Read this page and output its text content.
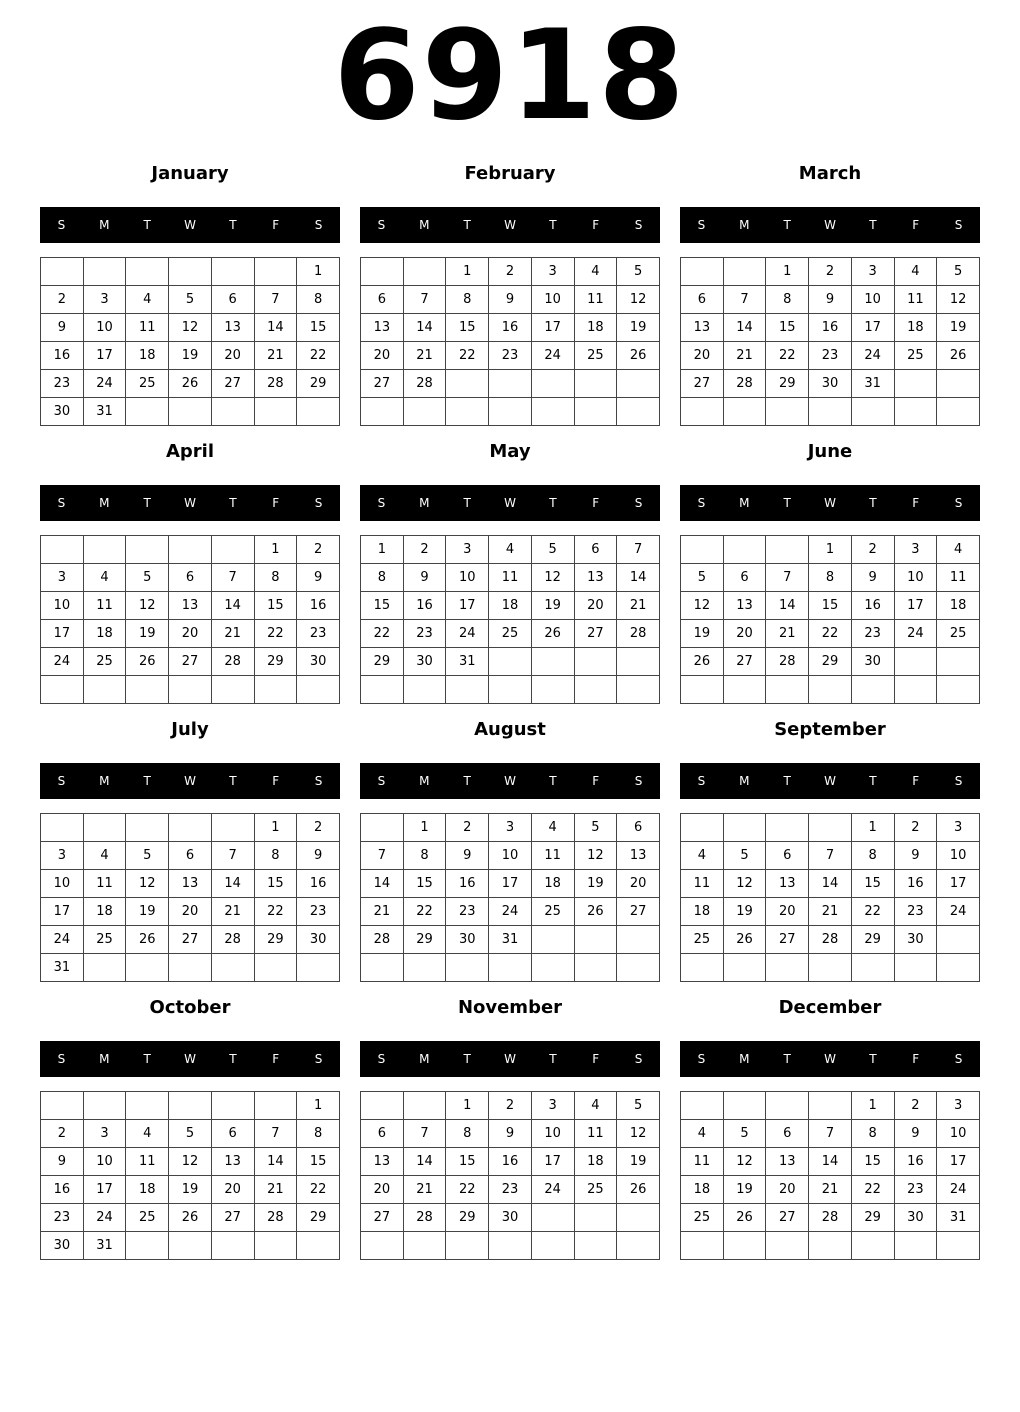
6918
January
S	M	T	W	T	F	S
						1
2	3	4	5	6	7	8
9	10	11	12	13	14	15
16	17	18	19	20	21	22
23	24	25	26	27	28	29
30	31					
February
S	M	T	W	T	F	S
		1	2	3	4	5
6	7	8	9	10	11	12
13	14	15	16	17	18	19
20	21	22	23	24	25	26
27	28					

March
S	M	T	W	T	F	S
		1	2	3	4	5
6	7	8	9	10	11	12
13	14	15	16	17	18	19
20	21	22	23	24	25	26
27	28	29	30	31		

April
S	M	T	W	T	F	S
					1	2
3	4	5	6	7	8	9
10	11	12	13	14	15	16
17	18	19	20	21	22	23
24	25	26	27	28	29	30

May
S	M	T	W	T	F	S
1	2	3	4	5	6	7
8	9	10	11	12	13	14
15	16	17	18	19	20	21
22	23	24	25	26	27	28
29	30	31				

June
S	M	T	W	T	F	S
			1	2	3	4
5	6	7	8	9	10	11
12	13	14	15	16	17	18
19	20	21	22	23	24	25
26	27	28	29	30		

July
S	M	T	W	T	F	S
					1	2
3	4	5	6	7	8	9
10	11	12	13	14	15	16
17	18	19	20	21	22	23
24	25	26	27	28	29	30
31						
August
S	M	T	W	T	F	S
	1	2	3	4	5	6
7	8	9	10	11	12	13
14	15	16	17	18	19	20
21	22	23	24	25	26	27
28	29	30	31			

September
S	M	T	W	T	F	S
				1	2	3
4	5	6	7	8	9	10
11	12	13	14	15	16	17
18	19	20	21	22	23	24
25	26	27	28	29	30	

October
S	M	T	W	T	F	S
						1
2	3	4	5	6	7	8
9	10	11	12	13	14	15
16	17	18	19	20	21	22
23	24	25	26	27	28	29
30	31					
November
S	M	T	W	T	F	S
		1	2	3	4	5
6	7	8	9	10	11	12
13	14	15	16	17	18	19
20	21	22	23	24	25	26
27	28	29	30			

December
S	M	T	W	T	F	S
				1	2	3
4	5	6	7	8	9	10
11	12	13	14	15	16	17
18	19	20	21	22	23	24
25	26	27	28	29	30	31
